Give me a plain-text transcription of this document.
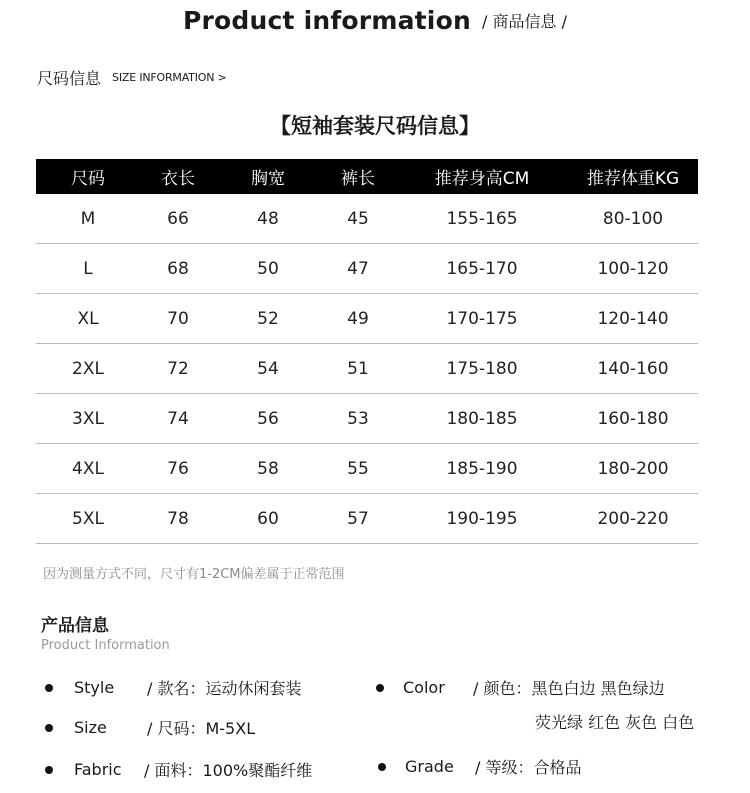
Product information / 商品信息 /
尺码信息 SIZE INFORMATION >
【短袖套装尺码信息】
尺码	衣长	胸宽	裤长	推荐身高CM	推荐体重KG
M	66	48	45	155-165	80-100
L	68	50	47	165-170	100-120
XL	70	52	49	170-175	120-140
2XL	72	54	51	175-180	140-160
3XL	74	56	53	180-185	160-180
4XL	76	58	55	185-190	180-200
5XL	78	60	57	190-195	200-220
因为测量方式不同，尺寸有1-2CM偏差属于正常范围
产品信息
Product Information
Style	/ 款名：运动休闲套装
Size	/ 尺码：M-5XL
Fabric	/ 面料：100%聚酯纤维
Color	/ 颜色：黑色白边 黑色绿边
荧光绿 红色 灰色 白色
Grade	/ 等级：合格品
